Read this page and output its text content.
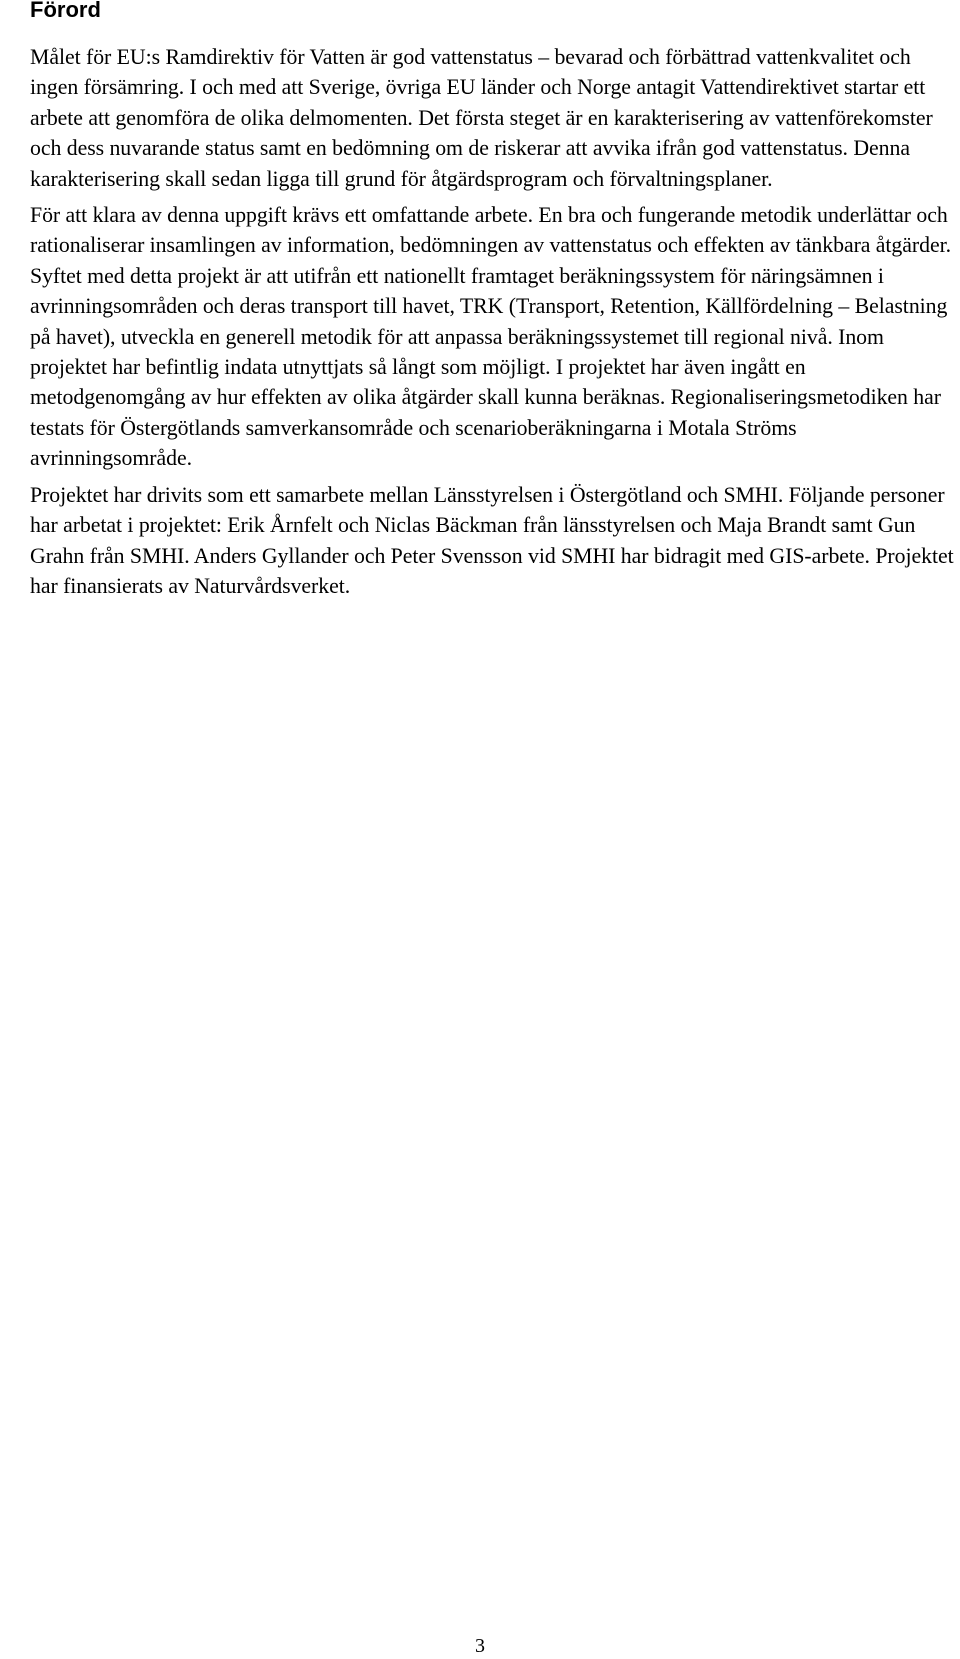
Förord

Målet för EU:s Ramdirektiv för Vatten är god vattenstatus – bevarad och förbättrad vattenkvalitet och ingen försämring. I och med att Sverige, övriga EU länder och Norge antagit Vattendirektivet startar ett arbete att genomföra de olika delmomenten. Det första steget är en karakterisering av vattenförekomster och dess nuvarande status samt en bedömning om de riskerar att avvika ifrån god vattenstatus. Denna karakterisering skall sedan ligga till grund för åtgärdsprogram och förvaltningsplaner.

För att klara av denna uppgift krävs ett omfattande arbete. En bra och fungerande metodik underlättar och rationaliserar insamlingen av information, bedömningen av vattenstatus och effekten av tänkbara åtgärder. Syftet med detta projekt är att utifrån ett nationellt framtaget beräkningssystem för näringsämnen i avrinningsområden och deras transport till havet, TRK (Transport, Retention, Källfördelning – Belastning på havet), utveckla en generell metodik för att anpassa beräkningssystemet till regional nivå. Inom projektet har befintlig indata utnyttjats så långt som möjligt. I projektet har även ingått en metodgenomgång av hur effekten av olika åtgärder skall kunna beräknas. Regionaliseringsmetodiken har testats för Östergötlands samverkansområde och scenarioberäkningarna i Motala Ströms avrinningsområde.

Projektet har drivits som ett samarbete mellan Länsstyrelsen i Östergötland och SMHI. Följande personer har arbetat i projektet: Erik Årnfelt och Niclas Bäckman från länsstyrelsen och Maja Brandt samt Gun Grahn från SMHI. Anders Gyllander och Peter Svensson vid SMHI har bidragit med GIS-arbete. Projektet har finansierats av Naturvårdsverket.

3
